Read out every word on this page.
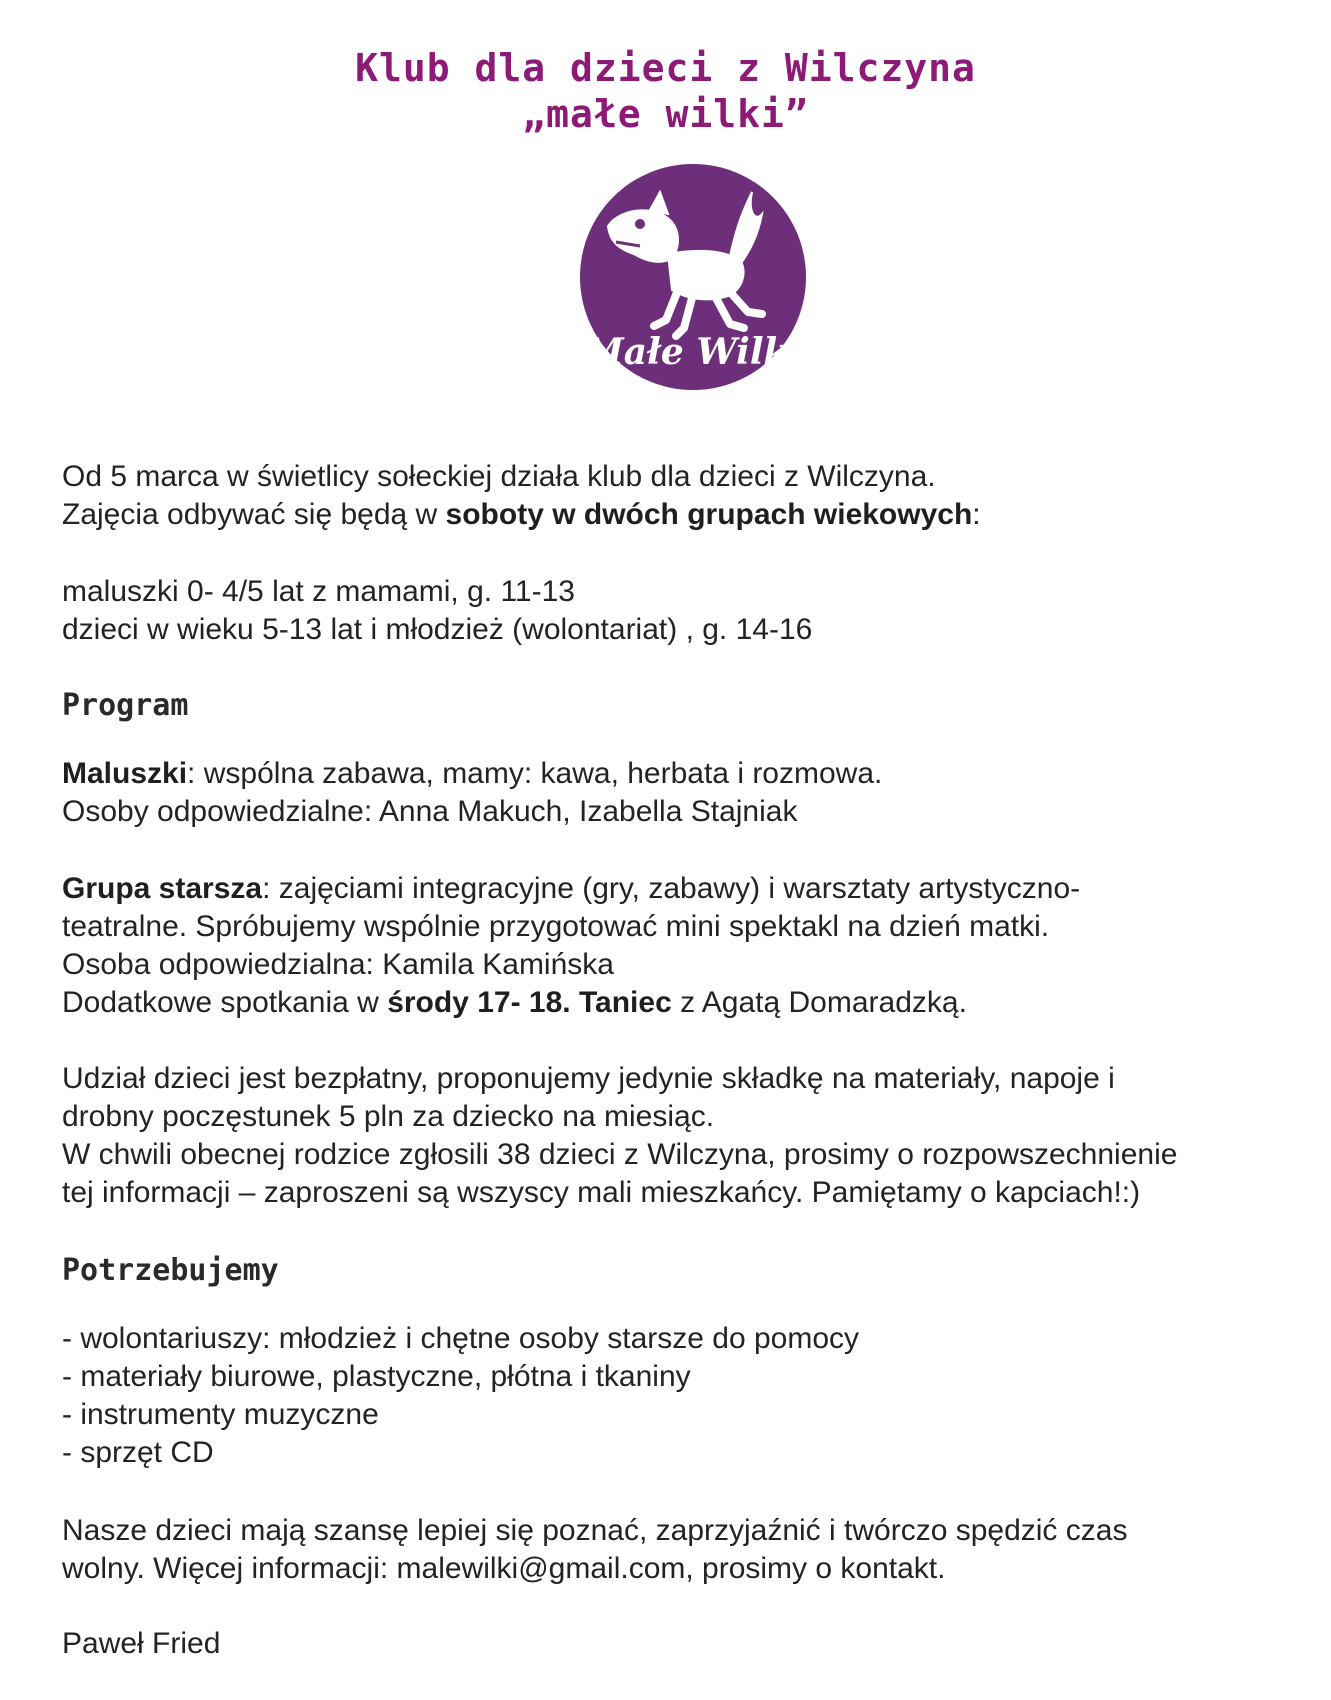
Klub dla dzieci z Wilczyna
„małe wilki”
Małe Wilki

Od 5 marca w świetlicy sołeckiej działa klub dla dzieci z Wilczyna.
Zajęcia odbywać się będą w soboty w dwóch grupach wiekowych:

maluszki 0- 4/5 lat z mamami, g. 11-13
dzieci w wieku 5-13 lat i młodzież (wolontariat) , g. 14-16

Program

Maluszki: wspólna zabawa, mamy: kawa, herbata i rozmowa.
Osoby odpowiedzialne: Anna Makuch, Izabella Stajniak

Grupa starsza: zajęciami integracyjne (gry, zabawy) i warsztaty artystyczno-
teatralne. Spróbujemy wspólnie przygotować mini spektakl na dzień matki.
Osoba odpowiedzialna: Kamila Kamińska
Dodatkowe spotkania w środy 17- 18. Taniec z Agatą Domaradzką.

Udział dzieci jest bezpłatny, proponujemy jedynie składkę na materiały, napoje i
drobny poczęstunek 5 pln za dziecko na miesiąc.
W chwili obecnej rodzice zgłosili 38 dzieci z Wilczyna, prosimy o rozpowszechnienie
tej informacji – zaproszeni są wszyscy mali mieszkańcy. Pamiętamy o kapciach!:)

Potrzebujemy

- wolontariuszy: młodzież i chętne osoby starsze do pomocy
- materiały biurowe, plastyczne, płótna i tkaniny
- instrumenty muzyczne
- sprzęt CD

Nasze dzieci mają szansę lepiej się poznać, zaprzyjaźnić i twórczo spędzić czas
wolny. Więcej informacji: malewilki@gmail.com, prosimy o kontakt.

Paweł Fried
